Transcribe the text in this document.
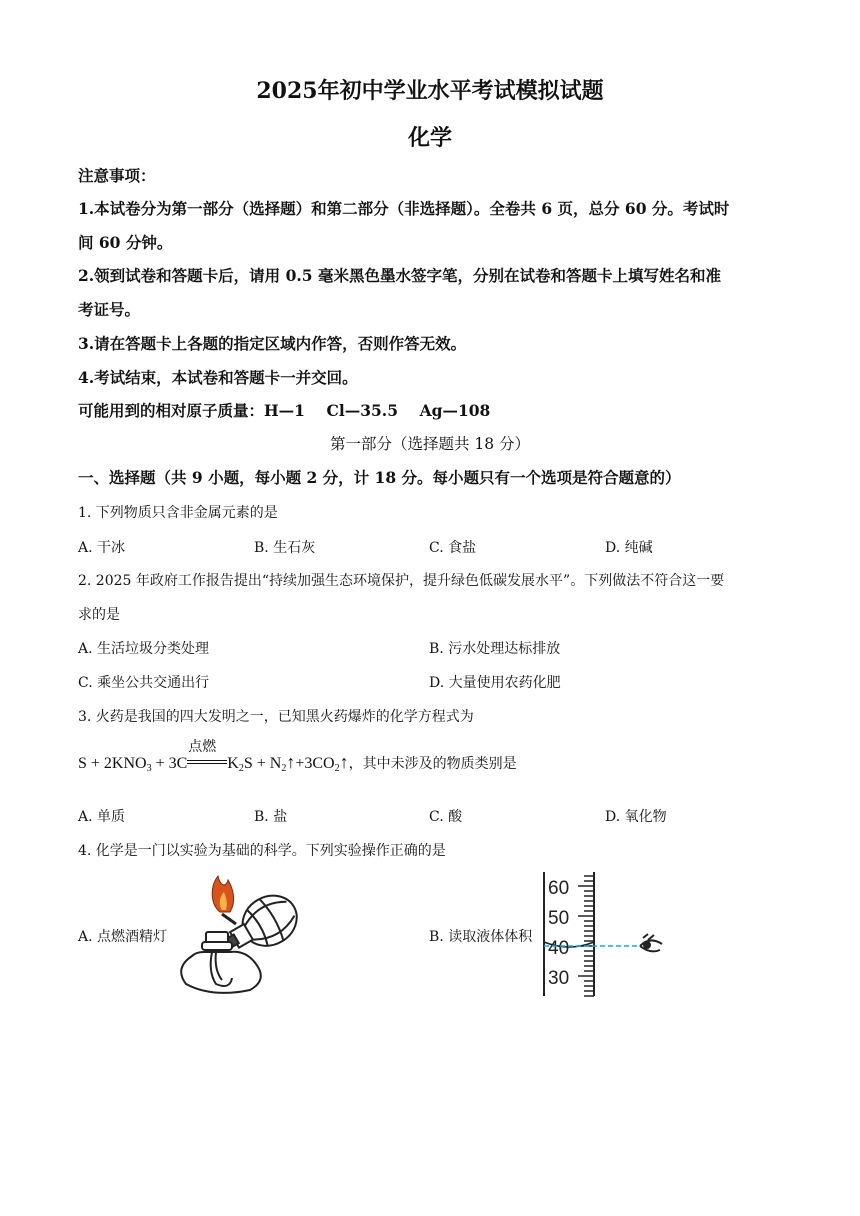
2025年初中学业水平考试模拟试题
化学
注意事项：
1.本试卷分为第一部分（选择题）和第二部分（非选择题）。全卷共 6 页，总分 60 分。考试时
间 60 分钟。
2.领到试卷和答题卡后，请用 0.5 毫米黑色墨水签字笔，分别在试卷和答题卡上填写姓名和准
考证号。
3.请在答题卡上各题的指定区域内作答，否则作答无效。
4.考试结束，本试卷和答题卡一并交回。
可能用到的相对原子质量：H—1    Cl—35.5    Ag—108
第一部分（选择题共 18 分）
一、选择题（共 9 小题，每小题 2 分，计 18 分。每小题只有一个选项是符合题意的）
1. 下列物质只含非金属元素的是
A. 干冰	B. 生石灰	C. 食盐	D. 纯碱
2. 2025 年政府工作报告提出“持续加强生态环境保护，提升绿色低碳发展水平”。下列做法不符合这一要
求的是
A. 生活垃圾分类处理	B. 污水处理达标排放
C. 乘坐公共交通出行	D. 大量使用农药化肥
3. 火药是我国的四大发明之一，已知黑火药爆炸的化学方程式为
$S + 2KNO_3 + 3C$
点燃
$K_2S$ + $N_2↑+3CO_2↑$，其中未涉及的物质类别是
A. 单质	B. 盐	C. 酸	D. 氧化物
4. 化学是一门以实验为基础的科学。下列实验操作正确的是
A. 点燃酒精灯	B. 读取液体体积
60
50
40
30
